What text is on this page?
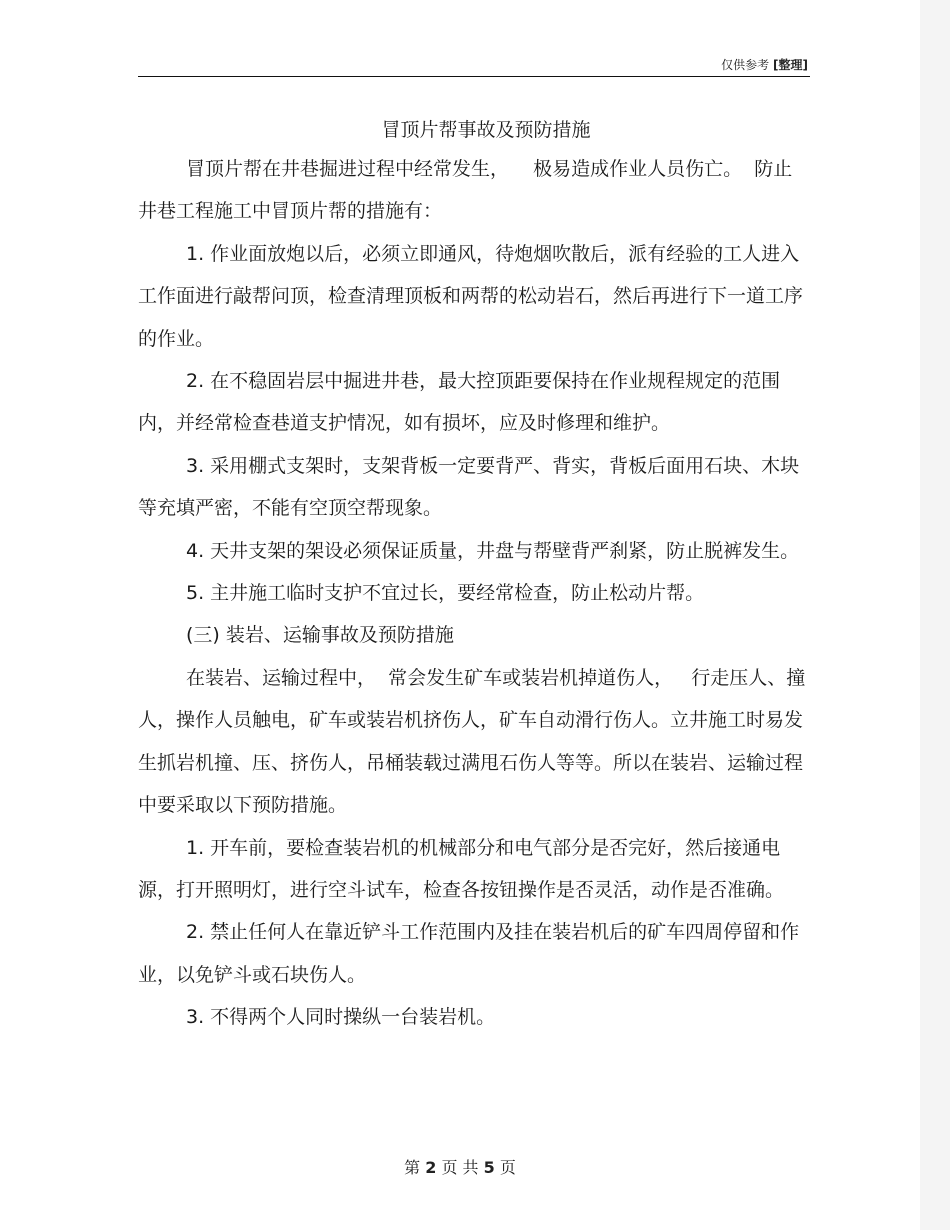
仅供参考 [整理]

冒顶片帮事故及预防措施

冒顶片帮在井巷掘进过程中经常发生，    极易造成作业人员伤亡。  防止井巷工程施工中冒顶片帮的措施有：

1. 作业面放炮以后，必须立即通风，待炮烟吹散后，派有经验的工人进入工作面进行敲帮问顶，检查清理顶板和两帮的松动岩石，然后再进行下一道工序的作业。

2. 在不稳固岩层中掘进井巷，最大控顶距要保持在作业规程规定的范围内，并经常检查巷道支护情况，如有损坏，应及时修理和维护。

3. 采用棚式支架时，支架背板一定要背严、背实，背板后面用石块、木块等充填严密，不能有空顶空帮现象。

4. 天井支架的架设必须保证质量，井盘与帮壁背严刹紧，防止脱裤发生。

5. 主井施工临时支护不宜过长，要经常检查，防止松动片帮。

(三) 装岩、运输事故及预防措施

在装岩、运输过程中，  常会发生矿车或装岩机掉道伤人，   行走压人、撞人，操作人员触电，矿车或装岩机挤伤人，矿车自动滑行伤人。立井施工时易发生抓岩机撞、压、挤伤人，吊桶装载过满甩石伤人等等。所以在装岩、运输过程中要采取以下预防措施。

1. 开车前，要检查装岩机的机械部分和电气部分是否完好，然后接通电源，打开照明灯，进行空斗试车，检查各按钮操作是否灵活，动作是否准确。

2. 禁止任何人在靠近铲斗工作范围内及挂在装岩机后的矿车四周停留和作业，以免铲斗或石块伤人。

3. 不得两个人同时操纵一台装岩机。

第 2 页 共 5 页
